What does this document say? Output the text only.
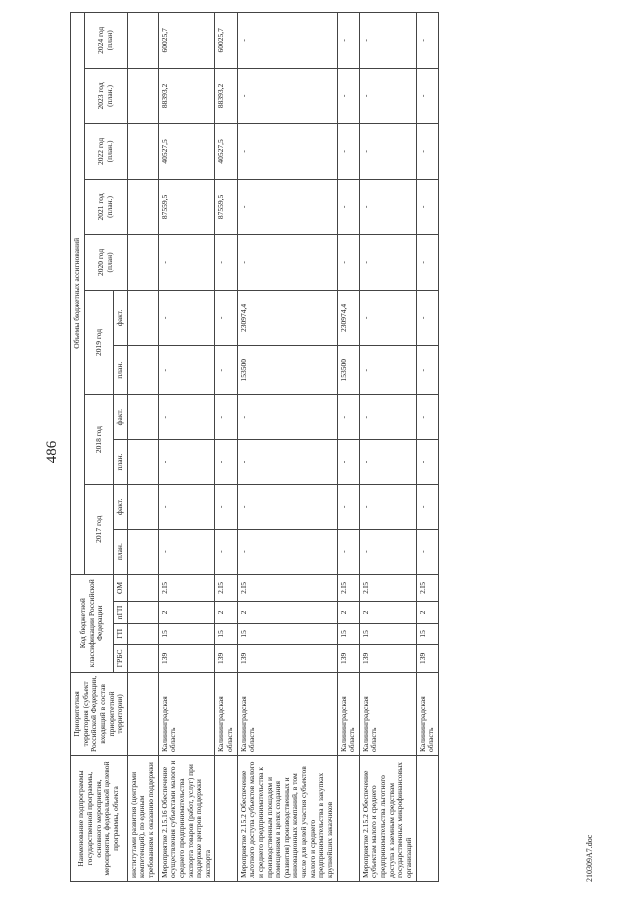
486
Наименование подпрограммы государственной программы, основного мероприятия, мероприятия, федеральной целевой программы, объекта	Приоритетная территория (субъект Российской Федерации, входящий в состав приоритетной территории)	Код бюджетной классификации Российской Федерации				Объемы бюджетных ассигнований										
						2017 год		2018 год		2019 год		2020 год (план)	2021 год (план.)	2022 год (план.)	2023 год (план.)	2024 год (план)
		ГРБС	ГП	пГП	ОМ	план.	факт.	план.	факт.	план.	факт.					
институтами развития (центрами компетенций), по единым требованиям к оказанию поддержки																
Мероприятие 2.15.16 Обеспечение осуществления субъектами малого и среднего предпринимательства экспорта товаров (работ, услуг) при поддержке центров поддержки экспорта	Калининградская область	139	15	2	2.I5	-	-	-	-	-	-	-	87559,5	40527,5	88393,2	60025,7
	Калининградская область	139	15	2	2.I5	-	-	-	-	-	-	-	87559,5	40527,5	88393,2	60025,7
Мероприятие 2.15.2 Обеспечение льготного доступа субъектов малого и среднего предпринимательства к производственным площадям и помещениям в целях создания (развития) производственных и инновационных компаний, в том числе для целей участия субъектов малого и среднего предпринимательства в закупках крупнейших заказчиков	Калининградская область	139	15	2	2.I5	-	-	-	-	153500	230974,4	-	-	-	-	-
	Калининградская область	139	15	2	2.I5	-	-	-	-	153500	230974,4	-	-	-	-	-
Мероприятие 2.15.2 Обеспечение субъектам малого и среднего предпринимательства льготного доступа к заемным средствам государственных микрофинансовых организаций	Калининградская область	139	15	2	2.I5	-	-	-	-	-	-	-	-	-	-	-
	Калининградская область	139	15	2	2.I5	-	-	-	-	-	-	-	-	-	-	-
210309A7.doc
